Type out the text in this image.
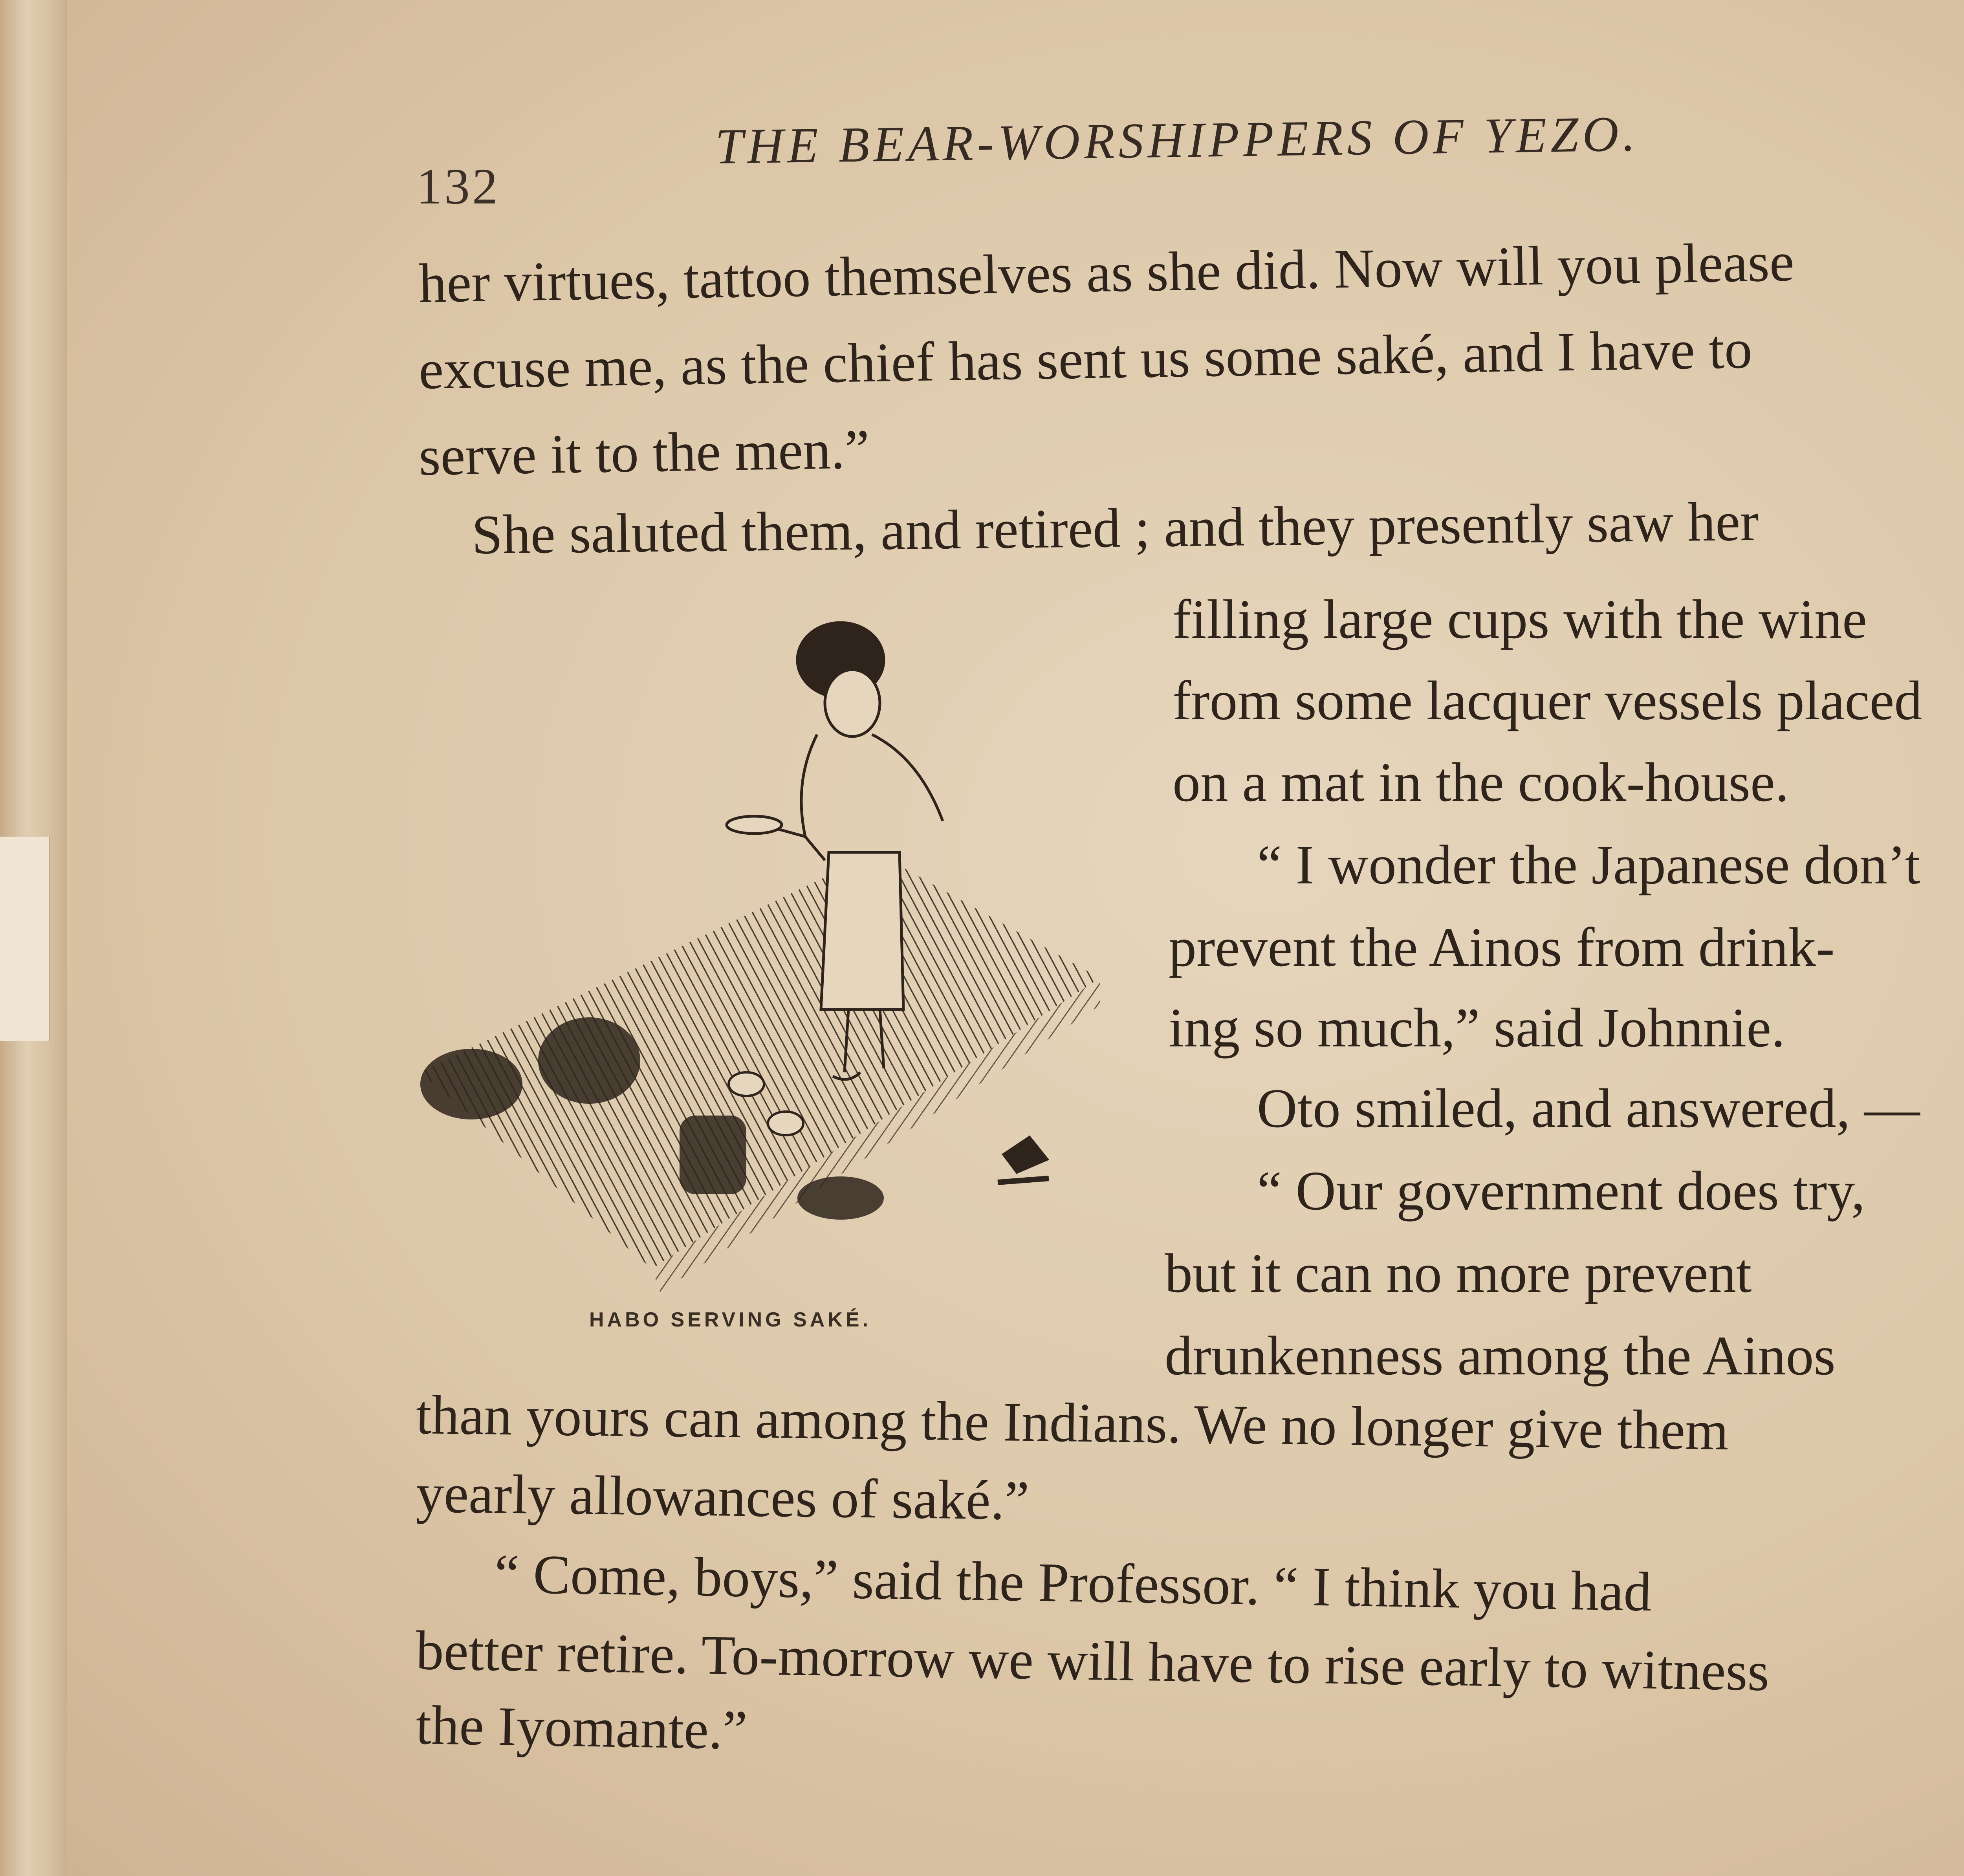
132
THE BEAR-WORSHIPPERS OF YEZO.
her virtues, tattoo themselves as she did. Now will you please
excuse me, as the chief has sent us some saké, and I have to
serve it to the men.”
She saluted them, and retired ; and they presently saw her
filling large cups with the wine
from some lacquer vessels placed
on a mat in the cook-house.
“ I wonder the Japanese don’t
prevent the Ainos from drink-
ing so much,” said Johnnie.
Oto smiled, and answered, —
“ Our government does try,
but it can no more prevent
drunkenness among the Ainos
than yours can among the Indians. We no longer give them
yearly allowances of saké.”
“ Come, boys,” said the Professor. “ I think you had
better retire. To-morrow we will have to rise early to witness
the Iyomante.”
HABO SERVING SAKÉ.
